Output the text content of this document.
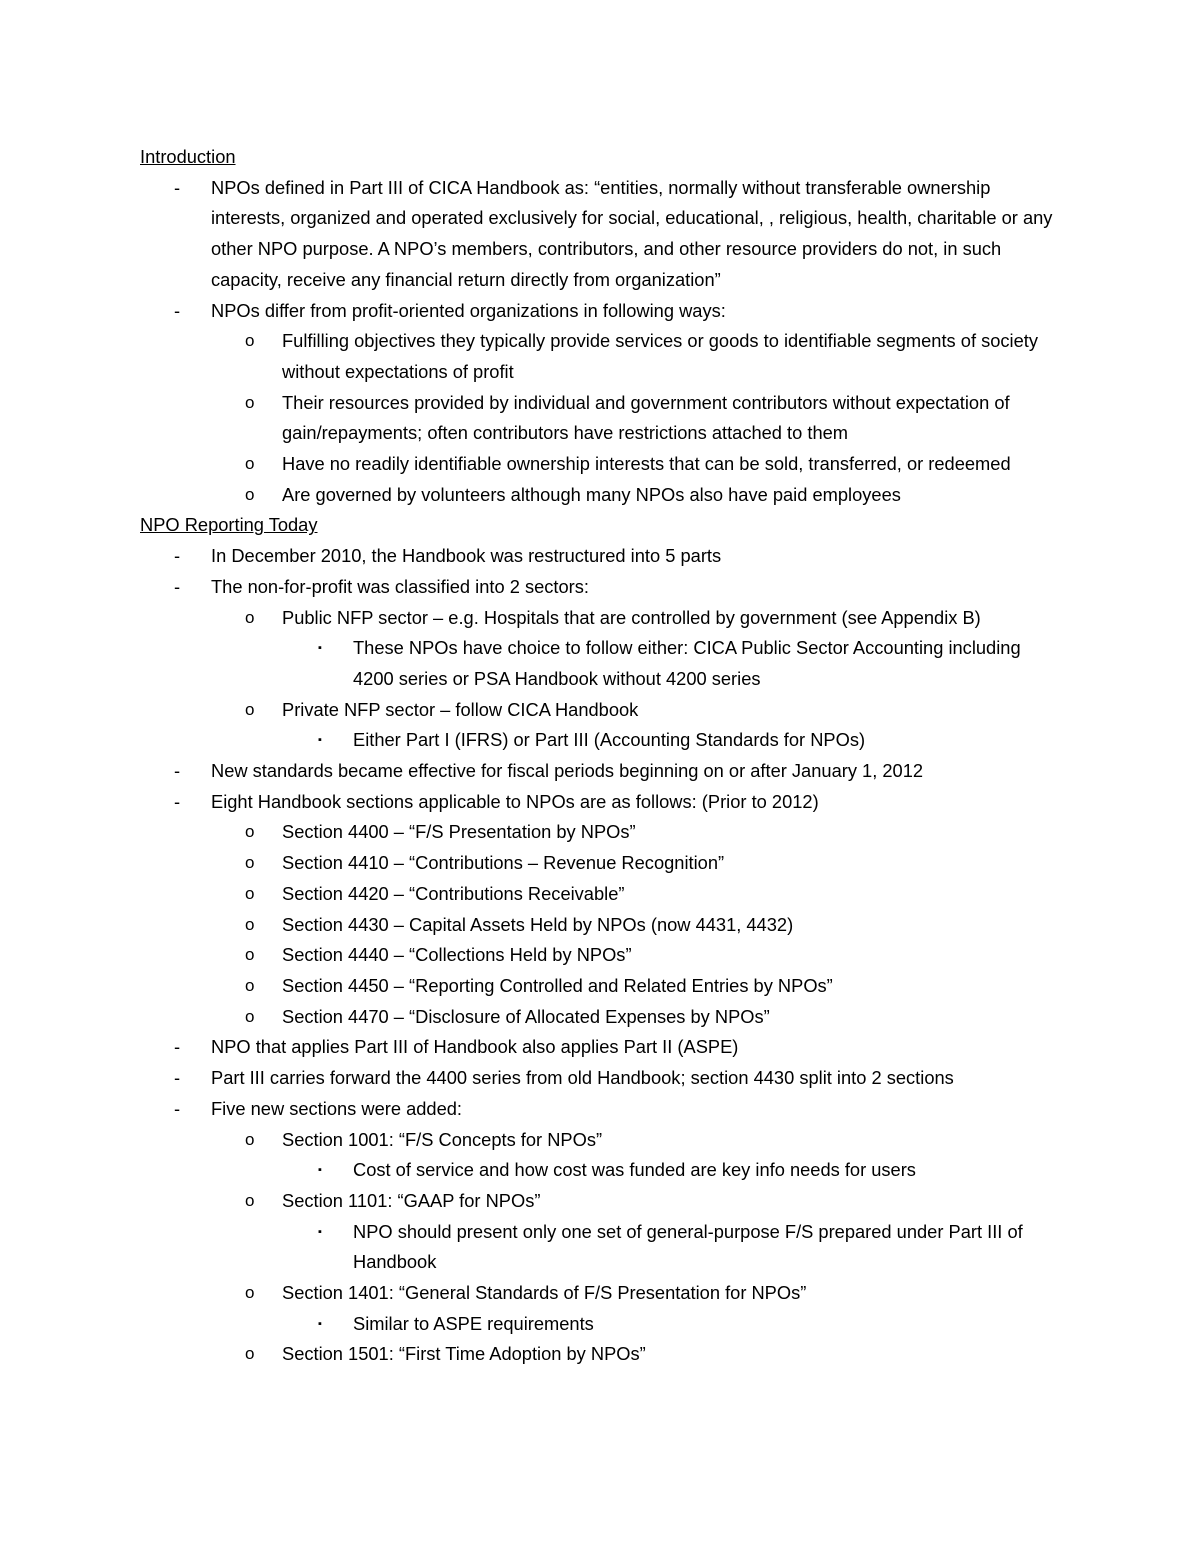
Introduction
- NPOs defined in Part III of CICA Handbook as: “entities, normally without transferable ownership interests, organized and operated exclusively for social, educational, , religious, health, charitable or any other NPO purpose. A NPO’s members, contributors, and other resource providers do not, in such capacity, receive any financial return directly from organization”
- NPOs differ from profit-oriented organizations in following ways:
o Fulfilling objectives they typically provide services or goods to identifiable segments of society without expectations of profit
o Their resources provided by individual and government contributors without expectation of gain/repayments; often contributors have restrictions attached to them
o Have no readily identifiable ownership interests that can be sold, transferred, or redeemed
o Are governed by volunteers although many NPOs also have paid employees
NPO Reporting Today
- In December 2010, the Handbook was restructured into 5 parts
- The non-for-profit was classified into 2 sectors:
o Public NFP sector – e.g. Hospitals that are controlled by government (see Appendix B)
▪ These NPOs have choice to follow either: CICA Public Sector Accounting including 4200 series or PSA Handbook without 4200 series
o Private NFP sector – follow CICA Handbook
▪ Either Part I (IFRS) or Part III (Accounting Standards for NPOs)
- New standards became effective for fiscal periods beginning on or after January 1, 2012
- Eight Handbook sections applicable to NPOs are as follows: (Prior to 2012)
o Section 4400 – “F/S Presentation by NPOs”
o Section 4410 – “Contributions – Revenue Recognition”
o Section 4420 – “Contributions Receivable”
o Section 4430 – Capital Assets Held by NPOs (now 4431, 4432)
o Section 4440 – “Collections Held by NPOs”
o Section 4450 – “Reporting Controlled and Related Entries by NPOs”
o Section 4470 – “Disclosure of Allocated Expenses by NPOs”
- NPO that applies Part III of Handbook also applies Part II (ASPE)
- Part III carries forward the 4400 series from old Handbook; section 4430 split into 2 sections
- Five new sections were added:
o Section 1001: “F/S Concepts for NPOs”
▪ Cost of service and how cost was funded are key info needs for users
o Section 1101: “GAAP for NPOs”
▪ NPO should present only one set of general-purpose F/S prepared under Part III of Handbook
o Section 1401: “General Standards of F/S Presentation for NPOs”
▪ Similar to ASPE requirements
o Section 1501: “First Time Adoption by NPOs”
